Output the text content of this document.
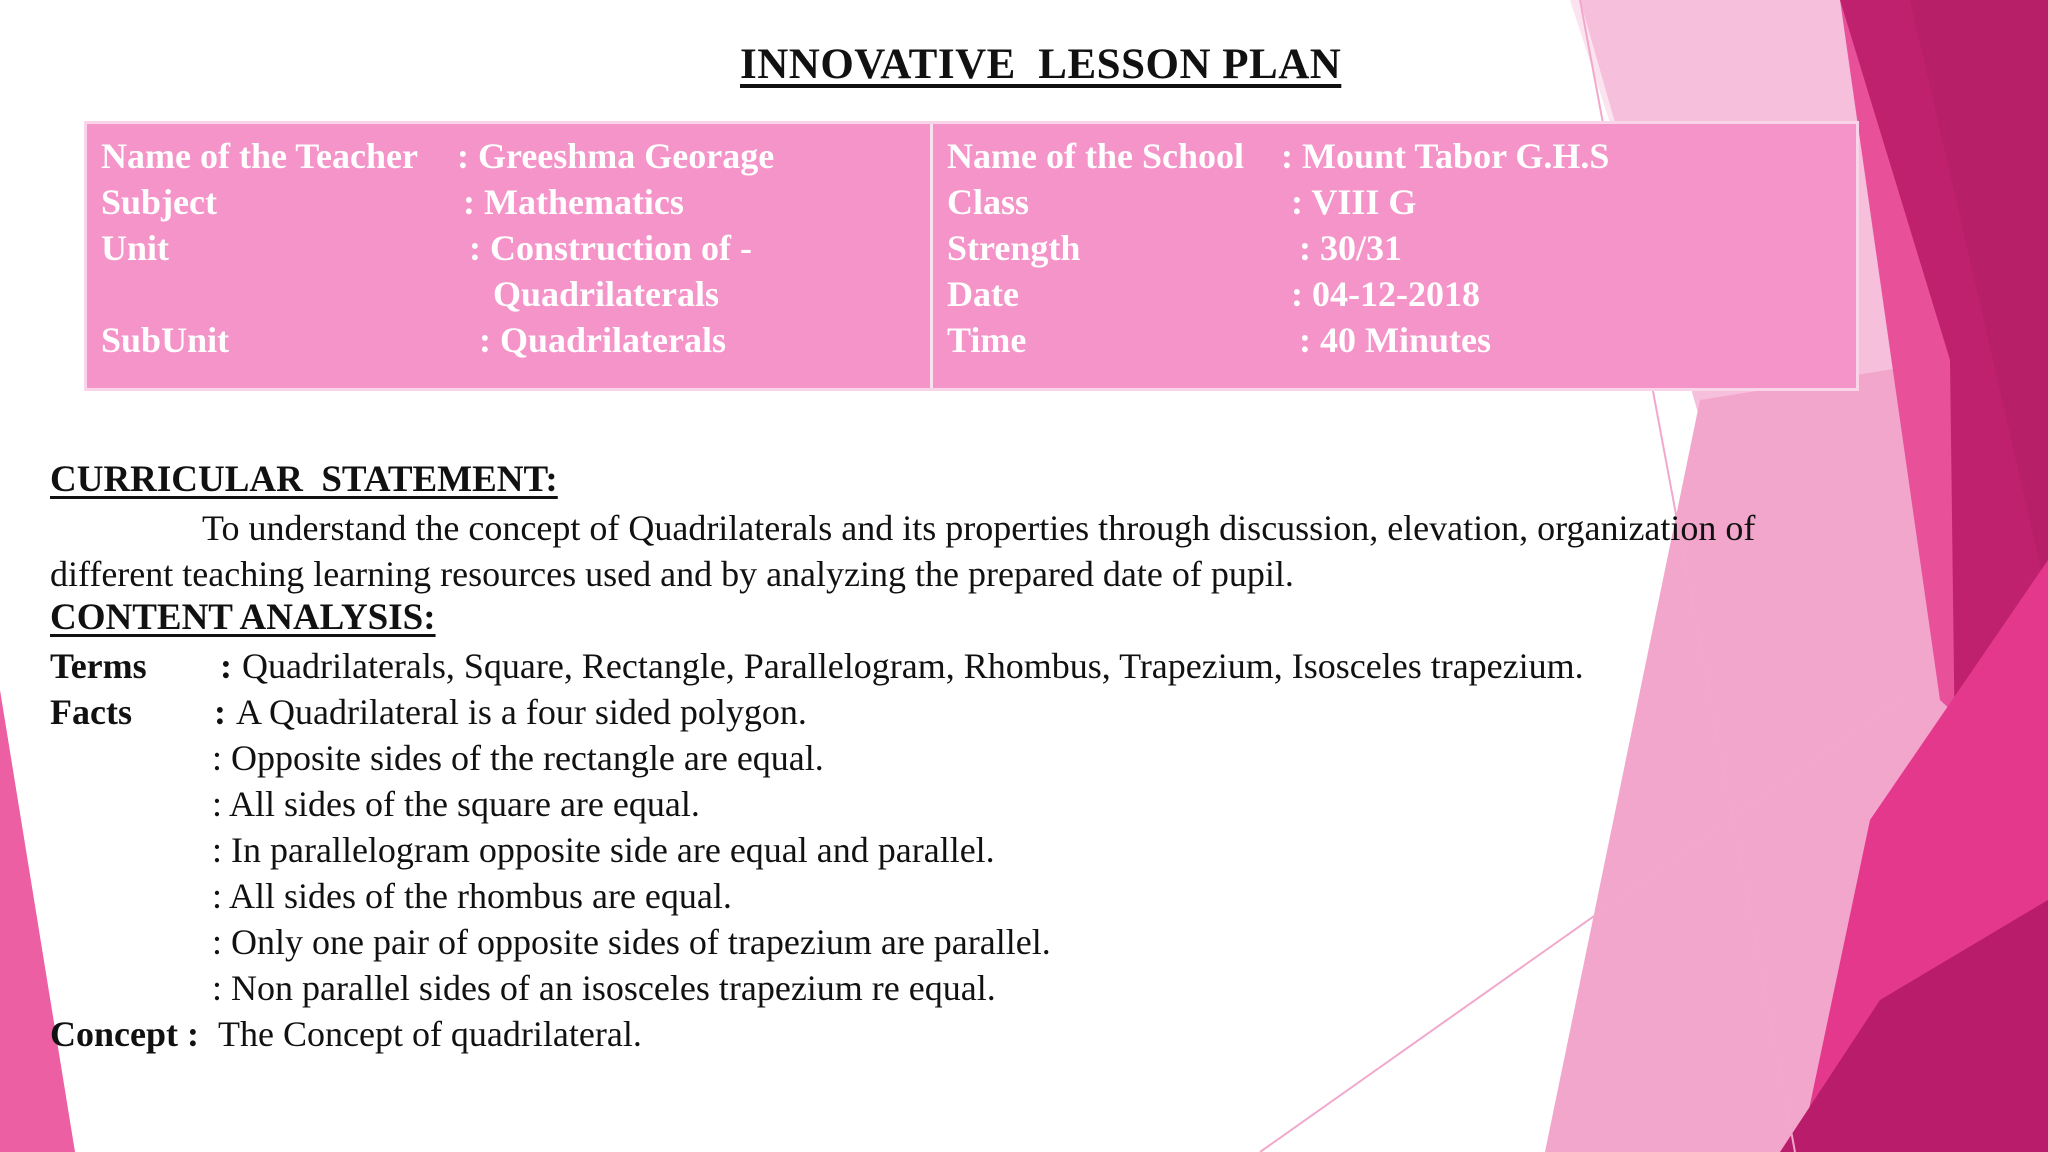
INNOVATIVE  LESSON PLAN
Name of the Teacher : Greeshma Georage
Subject	: Mathematics
Unit	: Construction of -
Quadrilaterals
SubUnit	: Quadrilaterals
Name of the School : Mount Tabor G.H.S
Class	: VIII G
Strength	: 30/31
Date	: 04-12-2018
Time	: 40 Minutes
CURRICULAR  STATEMENT:
To understand the concept of Quadrilaterals and its properties through discussion, elevation, organization of different teaching learning resources used and by analyzing the prepared date of pupil.
CONTENT ANALYSIS:
Terms : Quadrilaterals, Square, Rectangle, Parallelogram, Rhombus, Trapezium, Isosceles trapezium.
Facts : A Quadrilateral is a four sided polygon.
: Opposite sides of the rectangle are equal.
: All sides of the square are equal.
: In parallelogram opposite side are equal and parallel.
: All sides of the rhombus are equal.
: Only one pair of opposite sides of trapezium are parallel.
: Non parallel sides of an isosceles trapezium re equal.
Concept : The Concept of quadrilateral.
